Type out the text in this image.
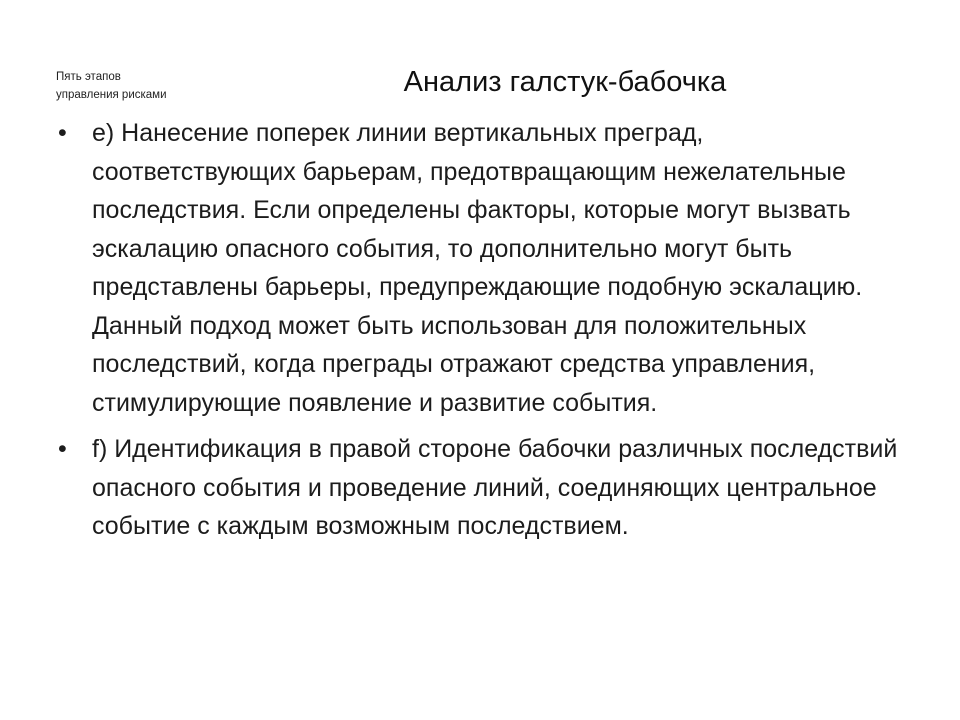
Пять этапов
управления рисками	Анализ галстук-бабочка
• e) Нанесение поперек линии вертикальных преград, соответствующих барьерам, предотвращающим нежелательные последствия. Если определены факторы, которые могут вызвать эскалацию опасного события, то дополнительно могут быть представлены барьеры, предупреждающие подобную эскалацию. Данный подход может быть использован для положительных последствий, когда преграды отражают средства управления, стимулирующие появление и развитие события.
• f) Идентификация в правой стороне бабочки различных последствий опасного события и проведение линий, соединяющих центральное событие с каждым возможным последствием.
